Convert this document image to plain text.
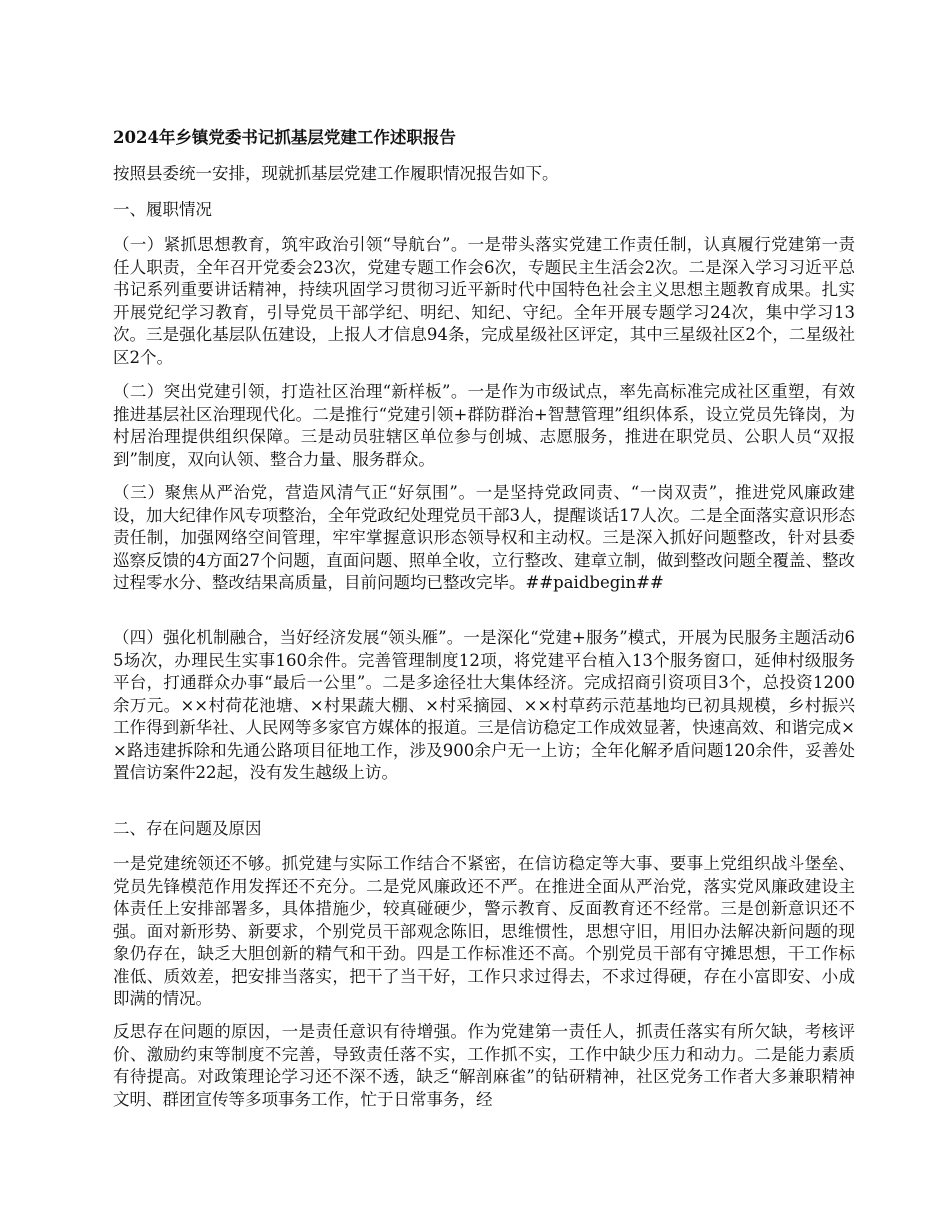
2024年乡镇党委书记抓基层党建工作述职报告

按照县委统一安排，现就抓基层党建工作履职情况报告如下。

一、履职情况

（一）紧抓思想教育，筑牢政治引领“导航台”。一是带头落实党建工作责任制，认真履行党建第一责任人职责，全年召开党委会23次，党建专题工作会6次，专题民主生活会2次。二是深入学习习近平总书记系列重要讲话精神，持续巩固学习贯彻习近平新时代中国特色社会主义思想主题教育成果。扎实开展党纪学习教育，引导党员干部学纪、明纪、知纪、守纪。全年开展专题学习24次，集中学习13次。三是强化基层队伍建设，上报人才信息94条，完成星级社区评定，其中三星级社区2个，二星级社区2个。

（二）突出党建引领，打造社区治理“新样板”。一是作为市级试点，率先高标准完成社区重塑，有效推进基层社区治理现代化。二是推行“党建引领+群防群治+智慧管理”组织体系，设立党员先锋岗，为村居治理提供组织保障。三是动员驻辖区单位参与创城、志愿服务，推进在职党员、公职人员“双报到”制度，双向认领、整合力量、服务群众。

（三）聚焦从严治党，营造风清气正“好氛围”。一是坚持党政同责、“一岗双责”，推进党风廉政建设，加大纪律作风专项整治，全年党政纪处理党员干部3人，提醒谈话17人次。二是全面落实意识形态责任制，加强网络空间管理，牢牢掌握意识形态领导权和主动权。三是深入抓好问题整改，针对县委巡察反馈的4方面27个问题，直面问题、照单全收，立行整改、建章立制，做到整改问题全覆盖、整改过程零水分、整改结果高质量，目前问题均已整改完毕。##paidbegin##

（四）强化机制融合，当好经济发展“领头雁”。一是深化“党建+服务”模式，开展为民服务主题活动65场次，办理民生实事160余件。完善管理制度12项，将党建平台植入13个服务窗口，延伸村级服务平台，打通群众办事“最后一公里”。二是多途径壮大集体经济。完成招商引资项目3个，总投资1200余万元。××村荷花池塘、×村果蔬大棚、×村采摘园、××村草药示范基地均已初具规模，乡村振兴工作得到新华社、人民网等多家官方媒体的报道。三是信访稳定工作成效显著，快速高效、和谐完成××路违建拆除和先通公路项目征地工作，涉及900余户无一上访；全年化解矛盾问题120余件，妥善处置信访案件22起，没有发生越级上访。

二、存在问题及原因

一是党建统领还不够。抓党建与实际工作结合不紧密，在信访稳定等大事、要事上党组织战斗堡垒、党员先锋模范作用发挥还不充分。二是党风廉政还不严。在推进全面从严治党，落实党风廉政建设主体责任上安排部署多，具体措施少，较真碰硬少，警示教育、反面教育还不经常。三是创新意识还不强。面对新形势、新要求，个别党员干部观念陈旧，思维惯性，思想守旧，用旧办法解决新问题的现象仍存在，缺乏大胆创新的精气和干劲。四是工作标准还不高。个别党员干部有守摊思想，干工作标准低、质效差，把安排当落实，把干了当干好，工作只求过得去，不求过得硬，存在小富即安、小成即满的情况。

反思存在问题的原因，一是责任意识有待增强。作为党建第一责任人，抓责任落实有所欠缺，考核评价、激励约束等制度不完善，导致责任落不实，工作抓不实，工作中缺少压力和动力。二是能力素质有待提高。对政策理论学习还不深不透，缺乏“解剖麻雀”的钻研精神，社区党务工作者大多兼职精神文明、群团宣传等多项事务工作，忙于日常事务，经
